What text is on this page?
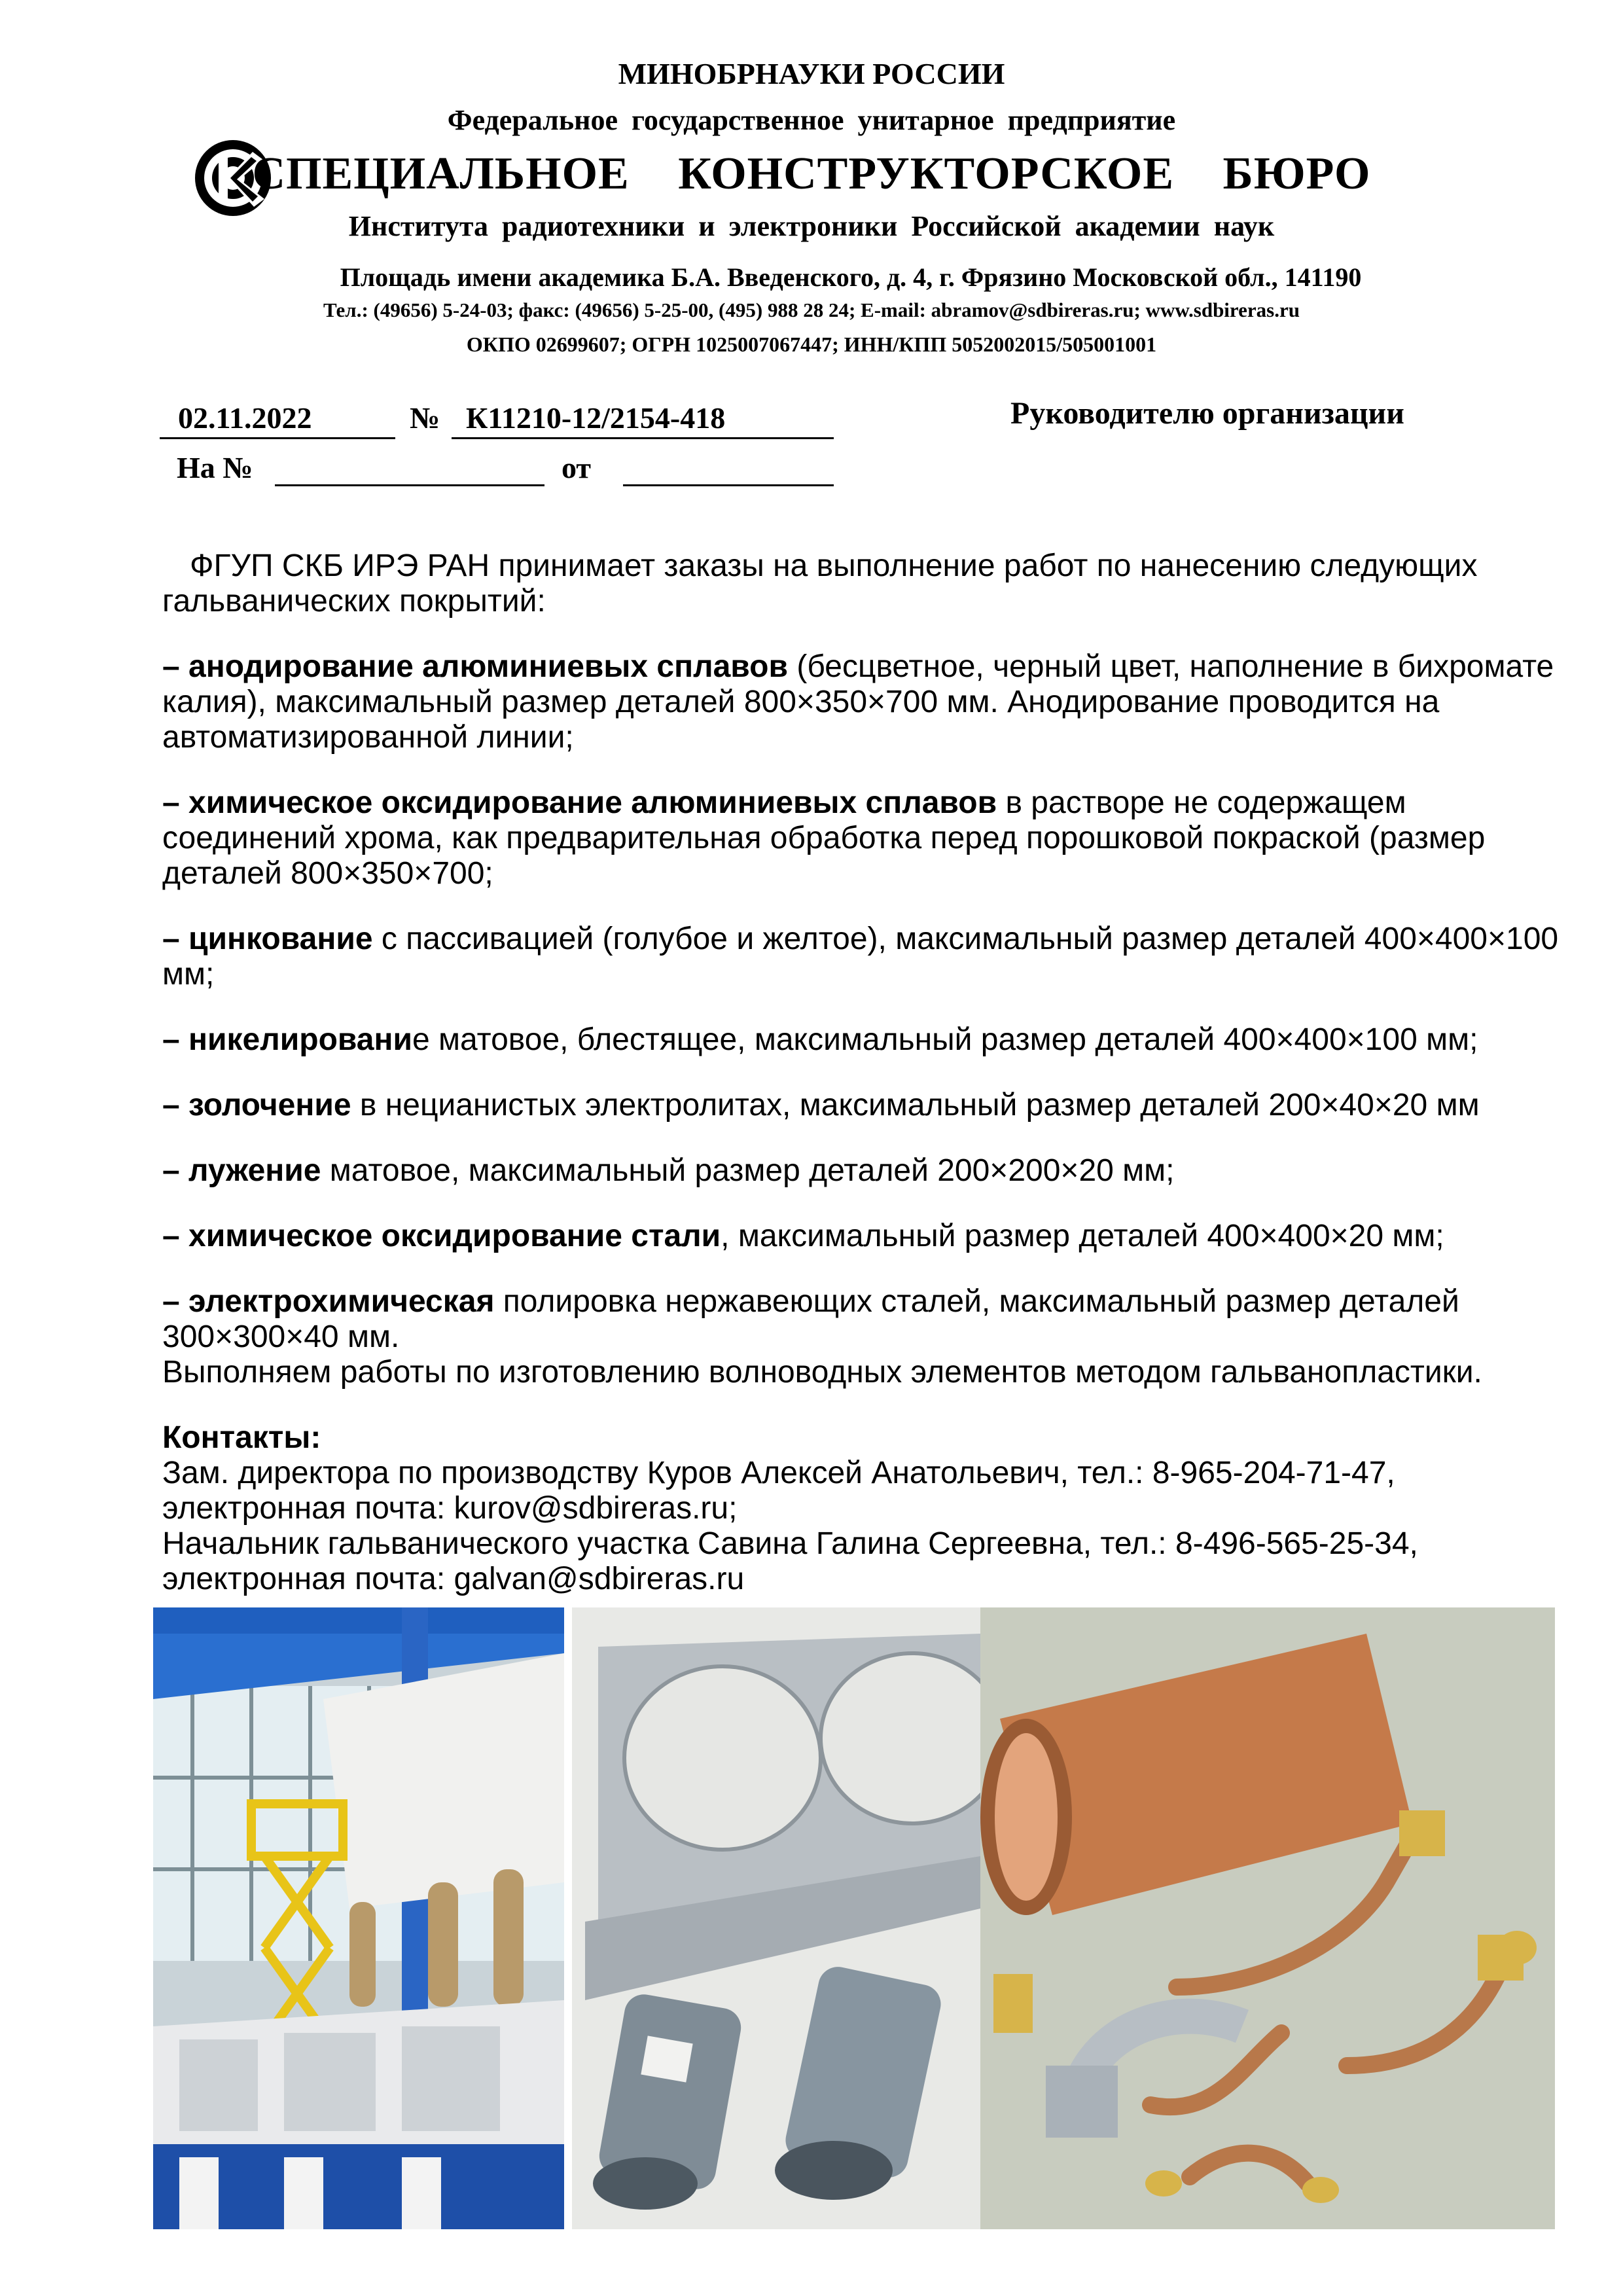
МИНОБРНАУКИ РОССИИ
Федеральное государственное унитарное предприятие
СПЕЦИАЛЬНОЕ КОНСТРУКТОРСКОЕ БЮРО
Института радиотехники и электроники Российской академии наук
Площадь имени академика Б.А. Введенского, д. 4, г. Фрязино Московской обл., 141190
Тел.: (49656) 5-24-03; факс: (49656) 5-25-00, (495) 988 28 24; E-mail: abramov@sdbireras.ru; www.sdbireras.ru
ОКПО 02699607; ОГРН 1025007067447; ИНН/КПП 5052002015/505001001
02.11.2022	№ К11210-12/2154-418
На №	от
Руководителю организации

ФГУП СКБ ИРЭ РАН принимает заказы на выполнение работ по нанесению следующих гальванических покрытий:

– анодирование алюминиевых сплавов (бесцветное, черный цвет, наполнение в бихромате калия), максимальный размер деталей 800×350×700 мм. Анодирование проводится на автоматизированной линии;

– химическое оксидирование алюминиевых сплавов в растворе не содержащем соединений хрома, как предварительная обработка перед порошковой покраской (размер деталей 800×350×700;

– цинкование с пассивацией (голубое и желтое), максимальный размер деталей 400×400×100 мм;

– никелирование матовое, блестящее, максимальный размер деталей 400×400×100 мм;

– золочение в нецианистых электролитах, максимальный размер деталей 200×40×20 мм

– лужение матовое, максимальный размер деталей 200×200×20 мм;

– химическое оксидирование стали, максимальный размер деталей 400×400×20 мм;

– электрохимическая полировка нержавеющих сталей, максимальный размер деталей 300×300×40 мм.

Выполняем работы по изготовлению волноводных элементов методом гальванопластики.

Контакты:

Зам. директора по производству Куров Алексей Анатольевич, тел.: 8-965-204-71-47,

электронная почта: kurov@sdbireras.ru;

Начальник гальванического участка Савина Галина Сергеевна, тел.: 8-496-565-25-34,

электронная почта: galvan@sdbireras.ru
